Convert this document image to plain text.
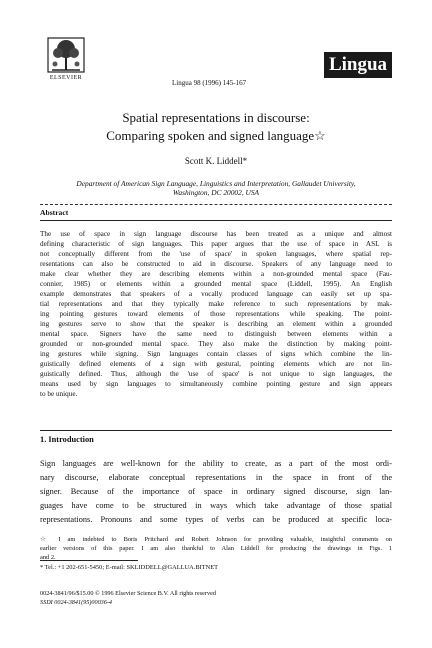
ELSEVIER
Lingua 98 (1996) 145-167
Lingua
Spatial representations in discourse:
Comparing spoken and signed language☆
Scott K. Liddell*
Department of American Sign Language, Linguistics and Interpretation, Gallaudet University,
Washington, DC 20002, USA
Abstract
The use of space in sign language discourse has been treated as a unique and almost
defining characteristic of sign languages. This paper argues that the use of space in ASL is
not conceptually different from the 'use of space' in spoken languages, where spatial rep-
resentations can also be constructed to aid in discourse. Speakers of any language need to
make clear whether they are describing elements within a non-grounded mental space (Fau-
connier, 1985) or elements within a grounded mental space (Liddell, 1995). An English
example demonstrates that speakers of a vocally produced language can easily set up spa-
tial representations and that they typically make reference to such representations by mak-
ing pointing gestures toward elements of those representations while speaking. The point-
ing gestures serve to show that the speaker is describing an element within a grounded
mental space. Signers have the same need to distinguish between elements within a
grounded or non-grounded mental space. They also make the distinction by making point-
ing gestures while signing. Sign languages contain classes of signs which combine the lin-
guistically defined elements of a sign with gestural, pointing elements which are not lin-
guistically defined. Thus, although the 'use of space' is not unique to sign languages, the
means used by sign languages to simultaneously combine pointing gesture and sign appears
to be unique.
1. Introduction
Sign languages are well-known for the ability to create, as a part of the most ordi-
nary discourse, elaborate conceptual representations in the space in front of the
signer. Because of the importance of space in ordinary signed discourse, sign lan-
guages have come to be structured in ways which take advantage of those spatial
representations. Pronouns and some types of verbs can be produced at specific loca-
☆ I am indebted to Boris Pritchard and Robert Johnson for providing valuable, insightful comments on
earlier versions of this paper. I am also thankful to Alan Liddell for producing the drawings in Figs. 1
and 2.
* Tel.: +1 202-651-5450; E-mail: SKLIDDELL@GALLUA.BITNET
0024-3841/96/$15.00 © 1996 Elsevier Science B.V. All rights reserved
SSDI 0024-3841(95)00036-4
